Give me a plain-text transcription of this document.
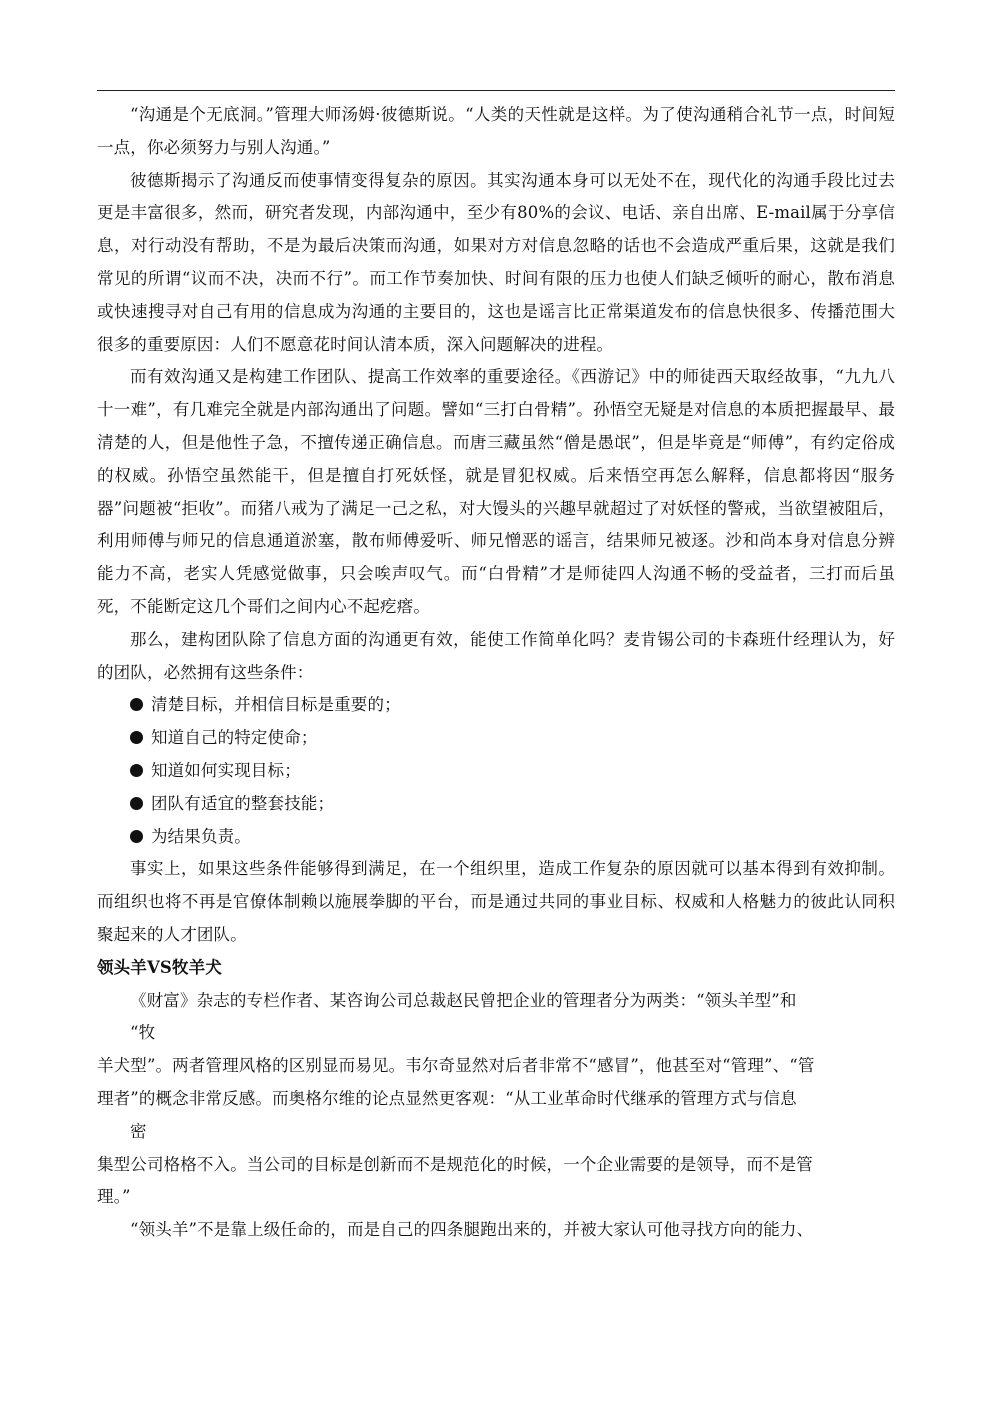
“沟通是个无底洞。”管理大师汤姆·彼德斯说。“人类的天性就是这样。为了使沟通稍合礼节一点，时间短一点，你必须努力与别人沟通。”

彼德斯揭示了沟通反而使事情变得复杂的原因。其实沟通本身可以无处不在，现代化的沟通手段比过去更是丰富很多，然而，研究者发现，内部沟通中，至少有80%的会议、电话、亲自出席、E-mail属于分享信息，对行动没有帮助，不是为最后决策而沟通，如果对方对信息忽略的话也不会造成严重后果，这就是我们常见的所谓“议而不决，决而不行”。而工作节奏加快、时间有限的压力也使人们缺乏倾听的耐心，散布消息或快速搜寻对自己有用的信息成为沟通的主要目的，这也是谣言比正常渠道发布的信息快很多、传播范围大很多的重要原因：人们不愿意花时间认清本质，深入问题解决的进程。

而有效沟通又是构建工作团队、提高工作效率的重要途径。《西游记》中的师徒西天取经故事，“九九八十一难”，有几难完全就是内部沟通出了问题。譬如“三打白骨精”。孙悟空无疑是对信息的本质把握最早、最清楚的人，但是他性子急，不擅传递正确信息。而唐三藏虽然“僧是愚氓”，但是毕竟是“师傅”，有约定俗成的权威。孙悟空虽然能干，但是擅自打死妖怪，就是冒犯权威。后来悟空再怎么解释，信息都将因“服务器”问题被“拒收”。而猪八戒为了满足一己之私，对大馒头的兴趣早就超过了对妖怪的警戒，当欲望被阻后，利用师傅与师兄的信息通道淤塞，散布师傅爱听、师兄憎恶的谣言，结果师兄被逐。沙和尚本身对信息分辨能力不高，老实人凭感觉做事，只会唉声叹气。而“白骨精”才是师徒四人沟通不畅的受益者，三打而后虽死，不能断定这几个哥们之间内心不起疙瘩。

那么，建构团队除了信息方面的沟通更有效，能使工作简单化吗？麦肯锡公司的卡森班什经理认为，好的团队，必然拥有这些条件：

清楚目标，并相信目标是重要的；

知道自己的特定使命；

知道如何实现目标；

团队有适宜的整套技能；

为结果负责。

事实上，如果这些条件能够得到满足，在一个组织里，造成工作复杂的原因就可以基本得到有效抑制。而组织也将不再是官僚体制赖以施展拳脚的平台，而是通过共同的事业目标、权威和人格魅力的彼此认同积聚起来的人才团队。

领头羊VS牧羊犬

《财富》杂志的专栏作者、某咨询公司总裁赵民曾把企业的管理者分为两类：“领头羊型”和

“牧

羊犬型”。两者管理风格的区别显而易见。韦尔奇显然对后者非常不“感冒”，他甚至对“管理”、“管

理者”的概念非常反感。而奥格尔维的论点显然更客观：“从工业革命时代继承的管理方式与信息

密

集型公司格格不入。当公司的目标是创新而不是规范化的时候，一个企业需要的是领导，而不是管

理。”

“领头羊”不是靠上级任命的，而是自己的四条腿跑出来的，并被大家认可他寻找方向的能力、
